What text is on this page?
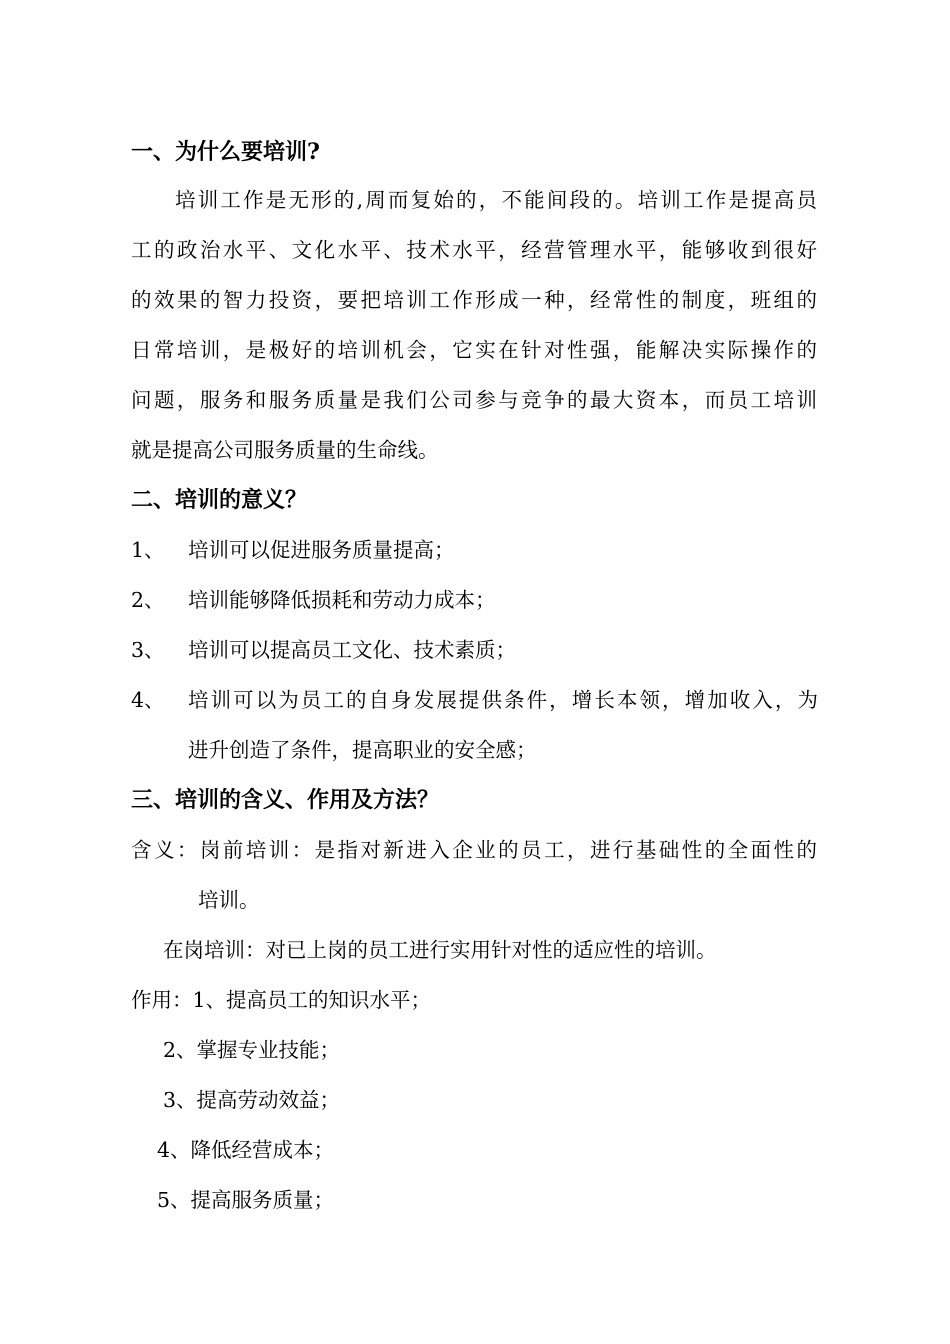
一、为什么要培训?
培训工作是无形的,周而复始的，不能间段的。培训工作是提高员
工的政治水平、文化水平、技术水平，经营管理水平，能够收到很好
的效果的智力投资，要把培训工作形成一种，经常性的制度，班组的
日常培训，是极好的培训机会，它实在针对性强，能解决实际操作的
问题，服务和服务质量是我们公司参与竞争的最大资本，而员工培训
就是提高公司服务质量的生命线。
二、培训的意义？
1、 培训可以促进服务质量提高；
2、 培训能够降低损耗和劳动力成本；
3、 培训可以提高员工文化、技术素质；
4、 培训可以为员工的自身发展提供条件，增长本领，增加收入，为
进升创造了条件，提高职业的安全感；
三、培训的含义、作用及方法？
含义：岗前培训：是指对新进入企业的员工，进行基础性的全面性的
培训。
在岗培训：对已上岗的员工进行实用针对性的适应性的培训。
作用：1、提高员工的知识水平；
2、掌握专业技能；
3、提高劳动效益；
4、降低经营成本；
5、提高服务质量；
